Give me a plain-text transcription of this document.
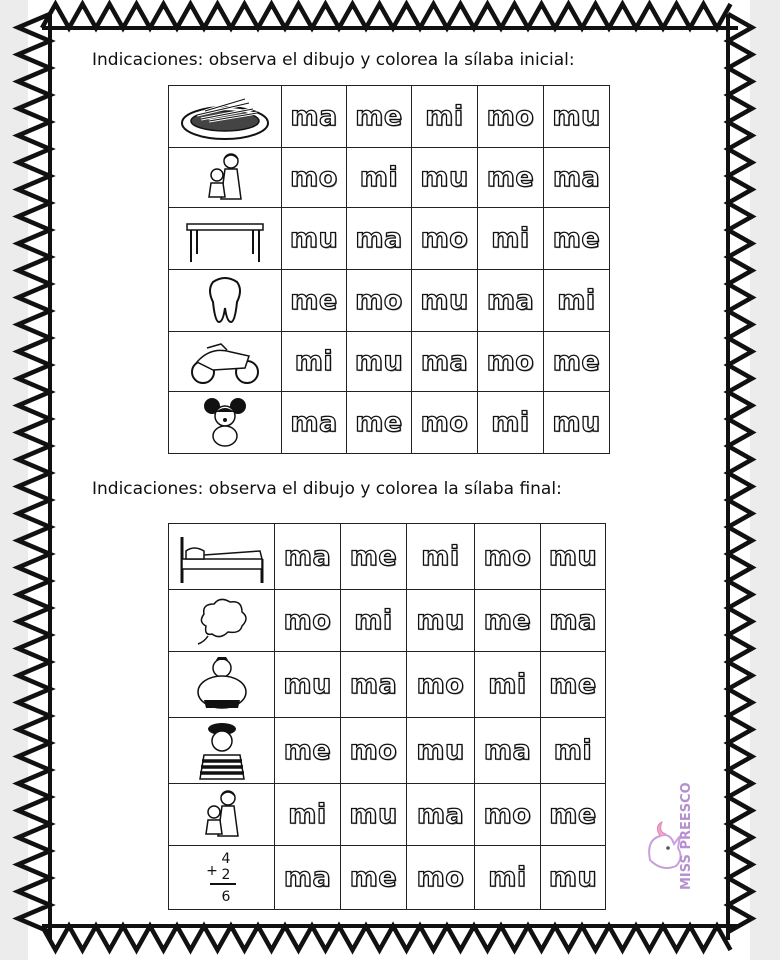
Indicaciones: observa el dibujo y colorea la sílaba inicial:
	ma	me	mi	mo	mu

	mo	mi	mu	me	ma

	mu	ma	mo	mi	me

	me	mo	mu	ma	mi

	mi	mu	ma	mo	me

	ma	me	mo	mi	mu
Indicaciones: observa el dibujo y colorea la sílaba final:
	ma	me	mi	mo	mu

	mo	mi	mu	me	ma

	mu	ma	mo	mi	me

	me	mo	mu	ma	mi

	mi	mu	ma	mo	me

4
+ 2
6	ma	me	mo	mi	mu	MISS PREESCO
